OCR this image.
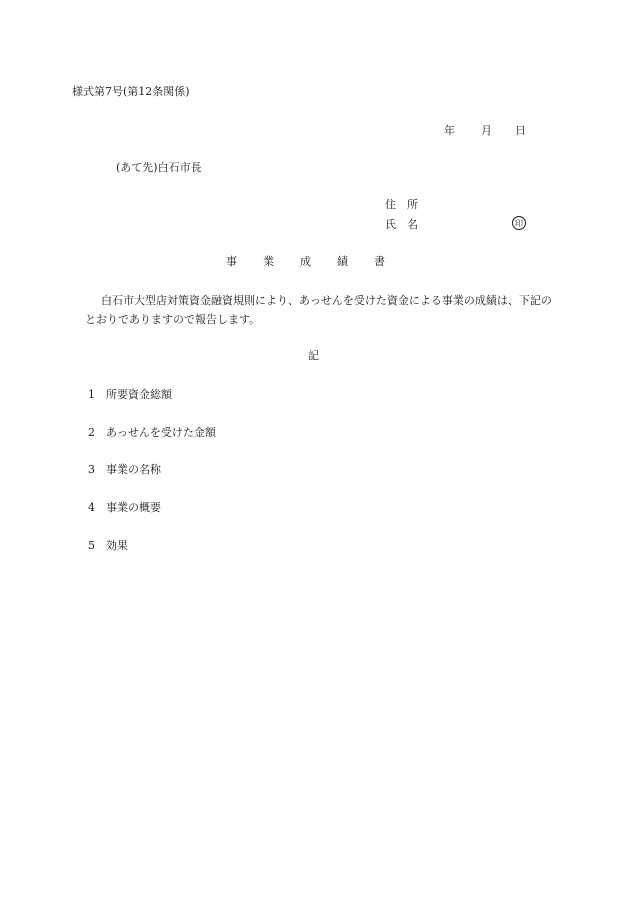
様式第7号(第12条関係)
年 月 日
(あて先)白石市長
住　所
氏　名	印
事 業 成 績 書
白石市大型店対策資金融資規則により、あっせんを受けた資金による事業の成績は、下記のとおりでありますので報告します。
記
1 所要資金総額
2 あっせんを受けた金額
3 事業の名称
4 事業の概要
5 効果
